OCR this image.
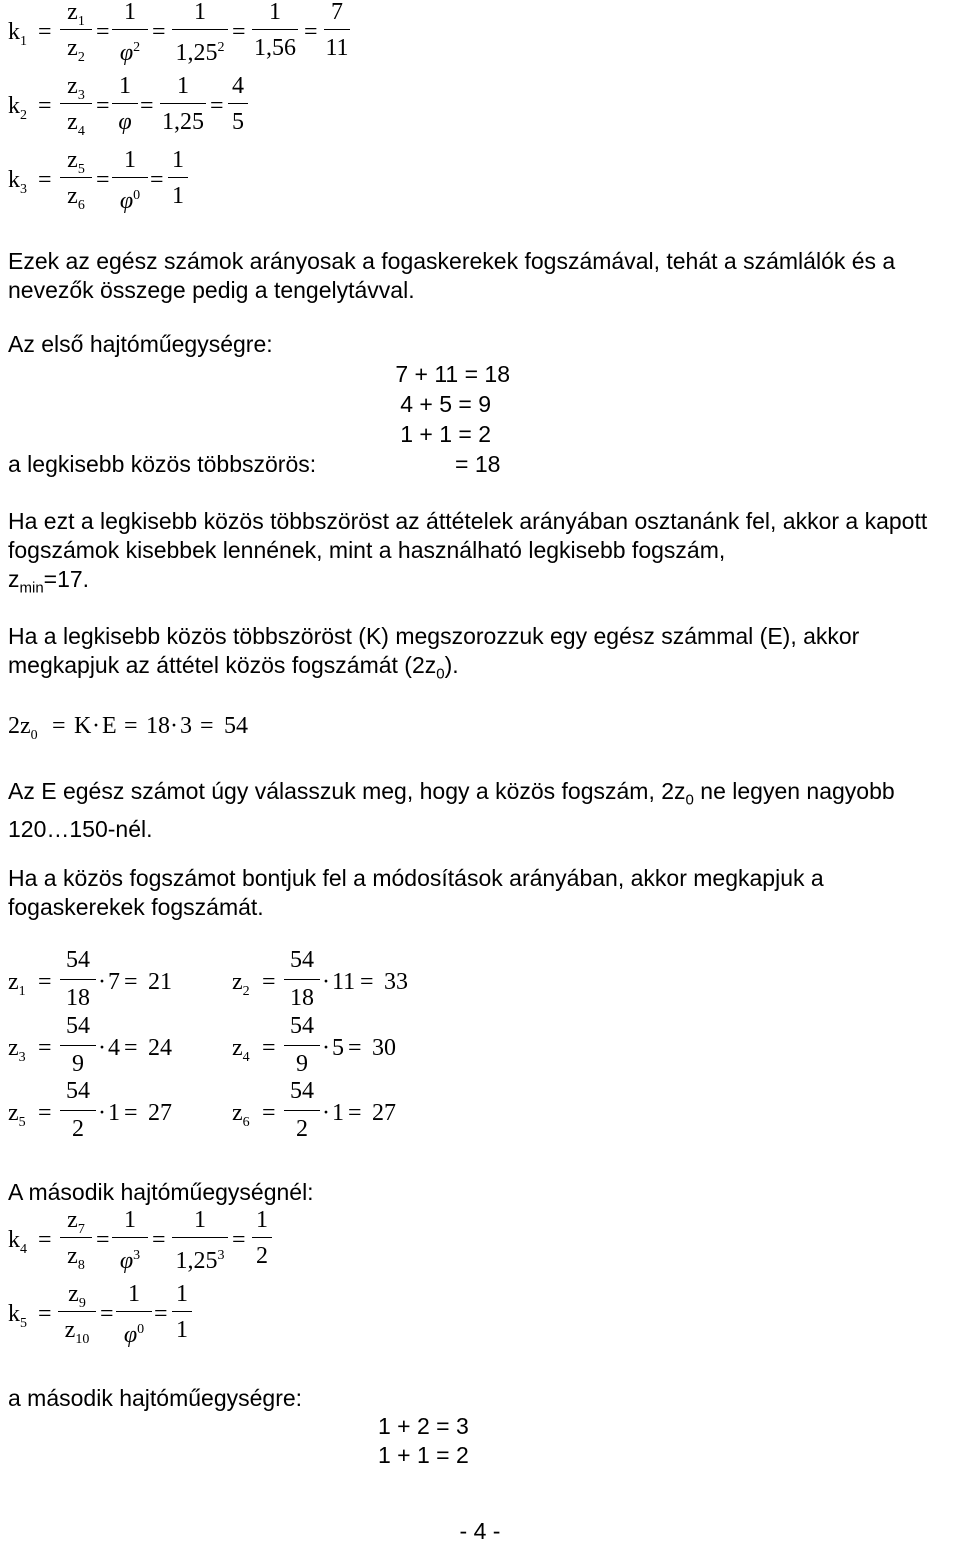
$k_1$ =
$z_1$
$z_2$
=
1
$\varphi^2$
=
1
$1,25^2$
=
1
1,56
=
7
11
$k_2$ =
$z_3$
$z_4$
=
1
φ
=
1
1,25
=
4
5
$k_3$ =
$z_5$
$z_6$
=
1
$\varphi^0$
=
1
1
Ezek az egész számok arányosak a fogaskerekek fogszámával, tehát a számlálók és a nevezők összege pedig a tengelytávval.
Az első hajtóműegységre:
7 + 11 = 18
4 + 5 = 9
1 + 1 = 2
a legkisebb közös többszörös:	= 18
Ha ezt a legkisebb közös többszöröst az áttételek arányában osztanánk fel, akkor a kapott fogszámok kisebbek lennének, mint a használható legkisebb fogszám,
$z_{min}=17$.
Ha a legkisebb közös többszöröst (K) megszorozzuk egy egész számmal (E), akkor megkapjuk az áttétel közös fogszámát $(2z_0)$.
$2z_0 = K \cdot E = 18 \cdot 3 = 54$
Az E egész számot úgy válasszuk meg, hogy a közös fogszám, $2z_0$ ne legyen nagyobb 120…150-nél.
Ha a közös fogszámot bontjuk fel a módosítások arányában, akkor megkapjuk a fogaskerekek fogszámát.
$z_1$ =
54
18
· 7 = 21	$z_2$ =
54
18
· 11 = 33
$z_3$ =
54
9
· 4 = 24	$z_4$ =
54
9
· 5 = 30
$z_5$ =
54
2
· 1 = 27	$z_6$ =
54
2
· 1 = 27
A második hajtóműegységnél:
$k_4$ =
$z_7$
$z_8$
=
1
$\varphi^3$
=
1
$1,25^3$
=
1
2
$k_5$ =
$z_9$
$z_{10}$
=
1
$\varphi^0$
=
1
1
a második hajtóműegységre:
1 + 2 = 3
1 + 1 = 2
- 4 -
